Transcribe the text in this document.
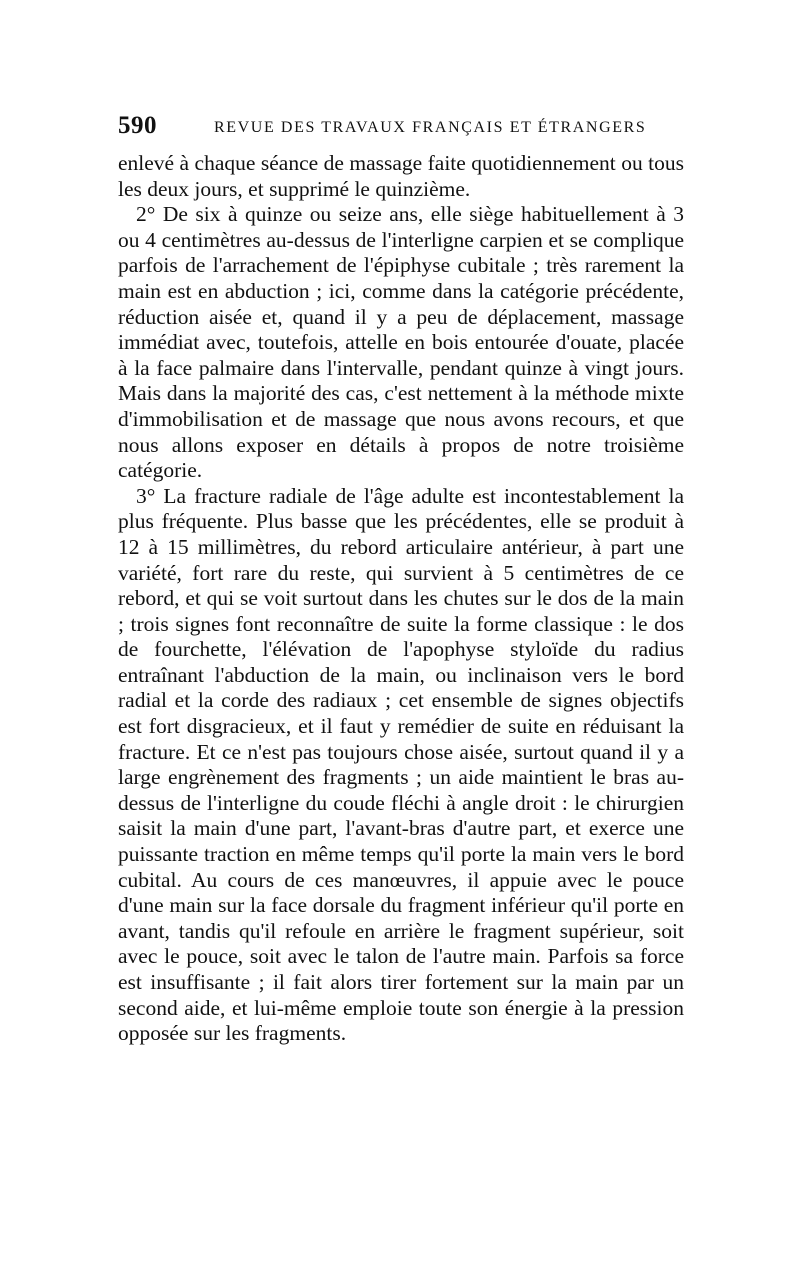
590	REVUE DES TRAVAUX FRANÇAIS ET ÉTRANGERS

enlevé à chaque séance de massage faite quotidiennement ou tous les deux jours, et supprimé le quinzième.

2° De six à quinze ou seize ans, elle siège habituellement à 3 ou 4 centimètres au-dessus de l'interligne carpien et se complique parfois de l'arrachement de l'épiphyse cubitale ; très rarement la main est en abduction ; ici, comme dans la catégorie précédente, réduction aisée et, quand il y a peu de déplacement, massage immédiat avec, toutefois, attelle en bois entourée d'ouate, placée à la face palmaire dans l'intervalle, pendant quinze à vingt jours. Mais dans la majorité des cas, c'est nettement à la méthode mixte d'immobilisation et de massage que nous avons recours, et que nous allons exposer en détails à propos de notre troisième catégorie.

3° La fracture radiale de l'âge adulte est incontestablement la plus fréquente. Plus basse que les précédentes, elle se produit à 12 à 15 millimètres, du rebord articulaire antérieur, à part une variété, fort rare du reste, qui survient à 5 centimètres de ce rebord, et qui se voit surtout dans les chutes sur le dos de la main ; trois signes font reconnaître de suite la forme classique : le dos de fourchette, l'élévation de l'apophyse styloïde du radius entraînant l'abduction de la main, ou inclinaison vers le bord radial et la corde des radiaux ; cet ensemble de signes objectifs est fort disgracieux, et il faut y remédier de suite en réduisant la fracture. Et ce n'est pas toujours chose aisée, surtout quand il y a large engrènement des fragments ; un aide maintient le bras au-dessus de l'interligne du coude fléchi à angle droit : le chirurgien saisit la main d'une part, l'avant-bras d'autre part, et exerce une puissante traction en même temps qu'il porte la main vers le bord cubital. Au cours de ces manœuvres, il appuie avec le pouce d'une main sur la face dorsale du fragment inférieur qu'il porte en avant, tandis qu'il refoule en arrière le fragment supérieur, soit avec le pouce, soit avec le talon de l'autre main. Parfois sa force est insuffisante ; il fait alors tirer fortement sur la main par un second aide, et lui-même emploie toute son énergie à la pression opposée sur les fragments.
